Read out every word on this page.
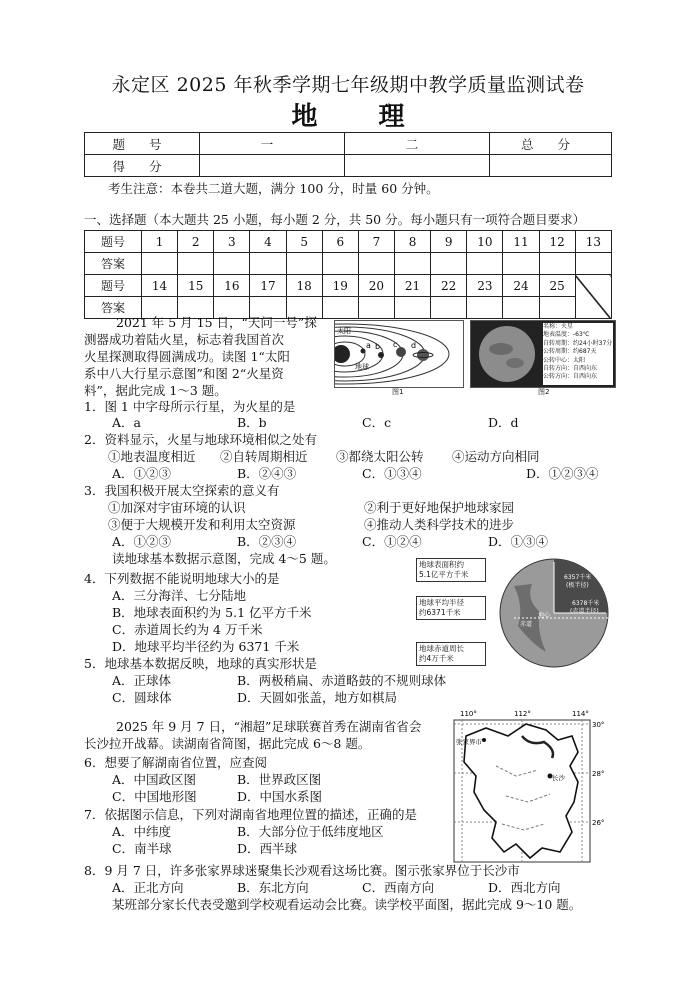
永定区 2025 年秋季学期七年级期中教学质量监测试卷
地 理
题 号	一	二	总 分
得 分			
考生注意：本卷共二道大题，满分 100 分，时量 60 分钟。
一、选择题（本大题共 25 小题，每小题 2 分，共 50 分。每小题只有一项符合题目要求）
题号	1	2	3	4	5	6	7	8	9	10	11	12	13
答案													
题号	14	15	16	17	18	19	20	21	22	23	24	25	
答案													
2021 年 5 月 15 日，“天问一号”探
测器成功着陆火星，标志着我国首次
火星探测取得圆满成功。读图 1“太阳
系中八大行星示意图”和图 2“火星资
料”，据此完成 1～3 题。
a b c d
太阳
地球
图1
名称：火星
地表温度：-63℃
自转周期：约24小时37分
公转周期：约687天
公转中心：太阳
自转方向：自西向东
公转方向：自西向东
图2
1．图 1 中字母所示行星，为火星的是
A．a	B．b	C．c	D．d
2．资料显示，火星与地球环境相似之处有
①地表温度相近 ②自转周期相近 ③都绕太阳公转 ④运动方向相同
A．①②③	B．②④③	C．①③④	D．①②③④
3．我国积极开展太空探索的意义有
①加深对宇宙环境的认识	②利于更好地保护地球家园
③便于大规模开发和利用太空资源	④推动人类科学技术的进步
A．①②③	B．②③④	C．①②④	D．①③④
读地球基本数据示意图，完成 4～5 题。
6357千米
(极半径)
6378千米
(赤道半径)
地心
赤道
地球表面积约
5.1亿平方千米
地球平均半径
约6371千米
地球赤道周长
约4万千米
4．下列数据不能说明地球大小的是
A．三分海洋、七分陆地
B．地球表面积约为 5.1 亿平方千米
C．赤道周长约为 4 万千米
D．地球平均半径约为 6371 千米
5．地球基本数据反映，地球的真实形状是
A．正球体	B．两极稍扁、赤道略鼓的不规则球体
C．圆球体	D．天圆如张盖，地方如棋局
2025 年 9 月 7 日，“湘超”足球联赛首秀在湖南省省会
长沙拉开战幕。读湖南省简图，据此完成 6～8 题。
110°	112°	114°
30°
28°
26°
张家界市
长沙
6．想要了解湖南省位置，应查阅
A．中国政区图	B．世界政区图
C．中国地形图	D．中国水系图
7．依据图示信息，下列对湖南省地理位置的描述，正确的是
A．中纬度	B．大部分位于低纬度地区
C．南半球	D．西半球
8．9 月 7 日，许多张家界球迷聚集长沙观看这场比赛。图示张家界位于长沙市
A．正北方向	B．东北方向	C．西南方向	D．西北方向
某班部分家长代表受邀到学校观看运动会比赛。读学校平面图，据此完成 9～10 题。
